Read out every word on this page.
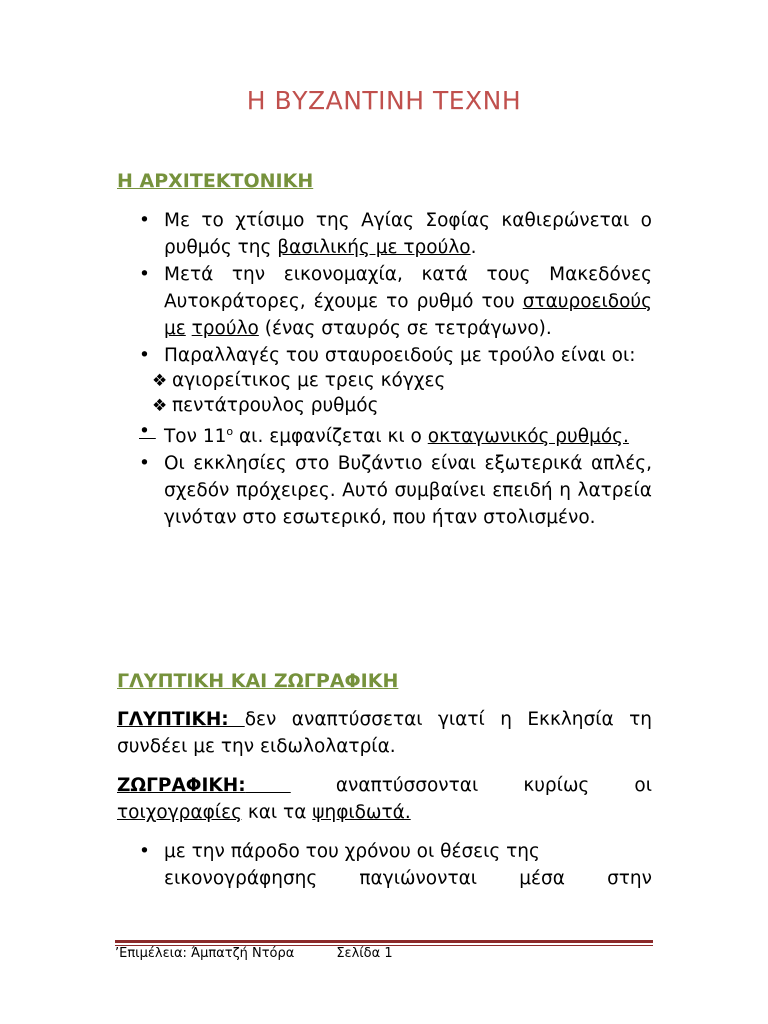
Η ΒΥΖΑΝΤΙΝΗ ΤΕΧΝΗ
Η ΑΡΧΙΤΕΚΤΟΝΙΚΗ
• Με το χτίσιμο της Αγίας Σοφίας καθιερώνεται ο ρυθμός της βασιλικής με τρούλο.
• Μετά την εικονομαχία, κατά τους Μακεδόνες Αυτοκράτορες, έχουμε το ρυθμό του σταυροειδούς με τρούλο (ένας σταυρός σε τετράγωνο).
• Παραλλαγές του σταυροειδούς με τρούλο είναι οι:
❖ αγιορείτικος με τρεις κόγχες
❖ πεντάτρουλος ρυθμός
• Τον $11^o$ αι. εμφανίζεται κι ο οκταγωνικός ρυθμός.
• Οι εκκλησίες στο Βυζάντιο είναι εξωτερικά απλές, σχεδόν πρόχειρες. Αυτό συμβαίνει επειδή η λατρεία γινόταν στο εσωτερικό, που ήταν στολισμένο.
ΓΛΥΠΤΙΚΗ ΚΑΙ ΖΩΓΡΑΦΙΚΗ
ΓΛΥΠΤΙΚΗ: δεν αναπτύσσεται γιατί η Εκκλησία τη συνδέει με την ειδωλολατρία.
ΖΩΓΡΑΦΙΚΗ:	αναπτύσσονται κυρίως οι
τοιχογραφίες και τα ψηφιδωτά.
• με την πάροδο του χρόνου οι θέσεις της
εικονογράφησης παγιώνονται μέσα στην
’Επιμέλεια: Άμπατζή Ντόρα	Σελίδα 1
